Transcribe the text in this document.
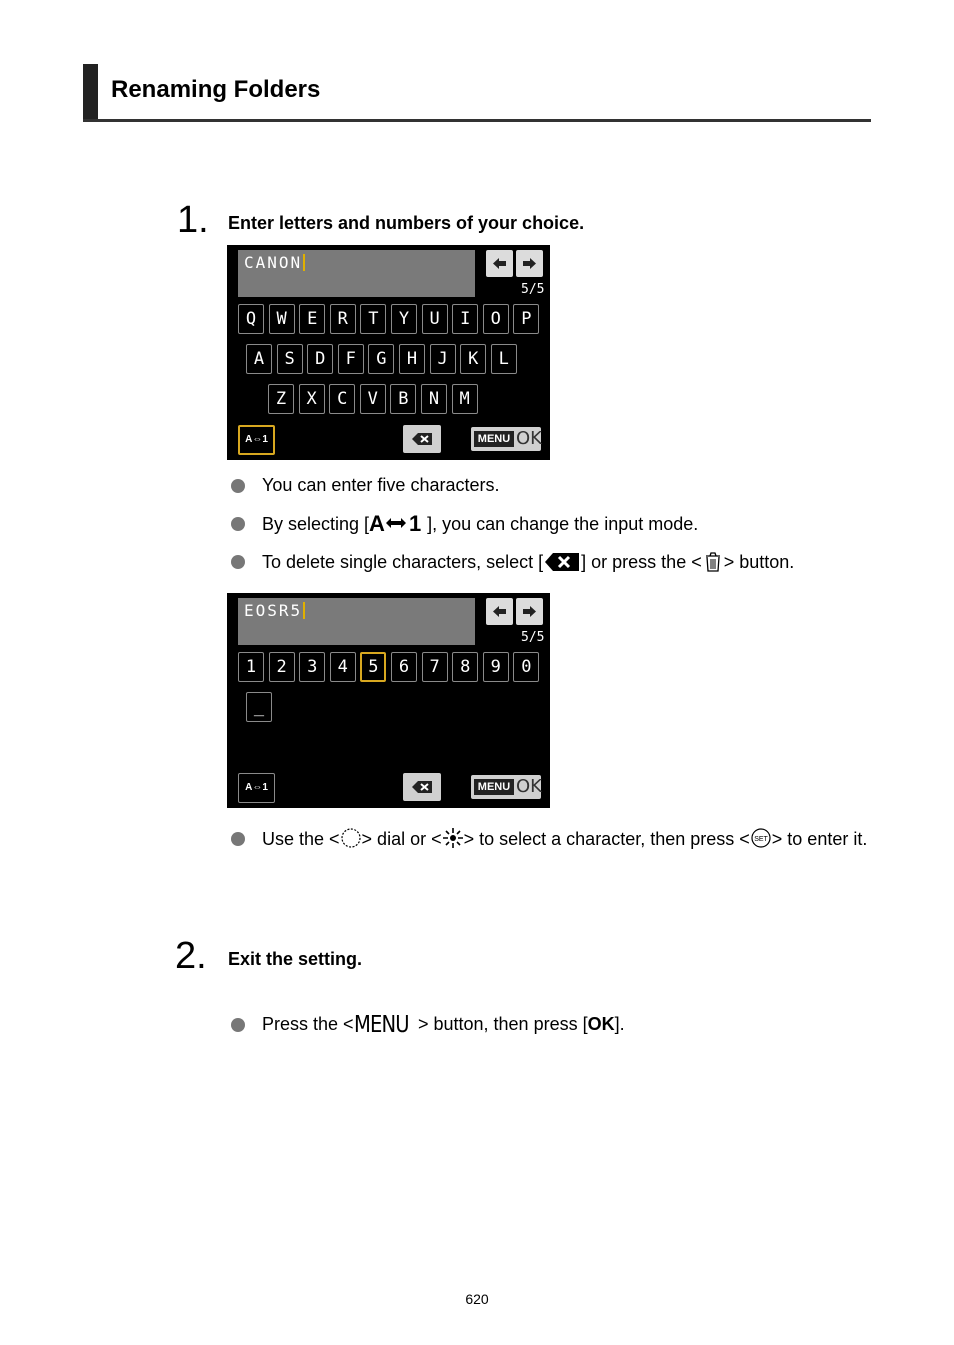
Renaming Folders
1. Enter letters and numbers of your choice.
CANON
5/5
Q	W	E	R	T	Y	U	I	O	P
A	S	D	F	G	H	J	K	L
Z	X	C	V	B	N	M
A⇔1	MENU OK
You can enter five characters.
By selecting [ A 1 ], you can change the input mode.
To delete single characters, select [ ] or press the < > button.
EOSR5
5/5
1	2	3	4	5	6	7	8	9	0
_
A⇔1	MENU OK
Use the < > dial or < > to select a character, then press < SET > to enter it.
2. Exit the setting.
Press the <MENU > button, then press [OK].
620
